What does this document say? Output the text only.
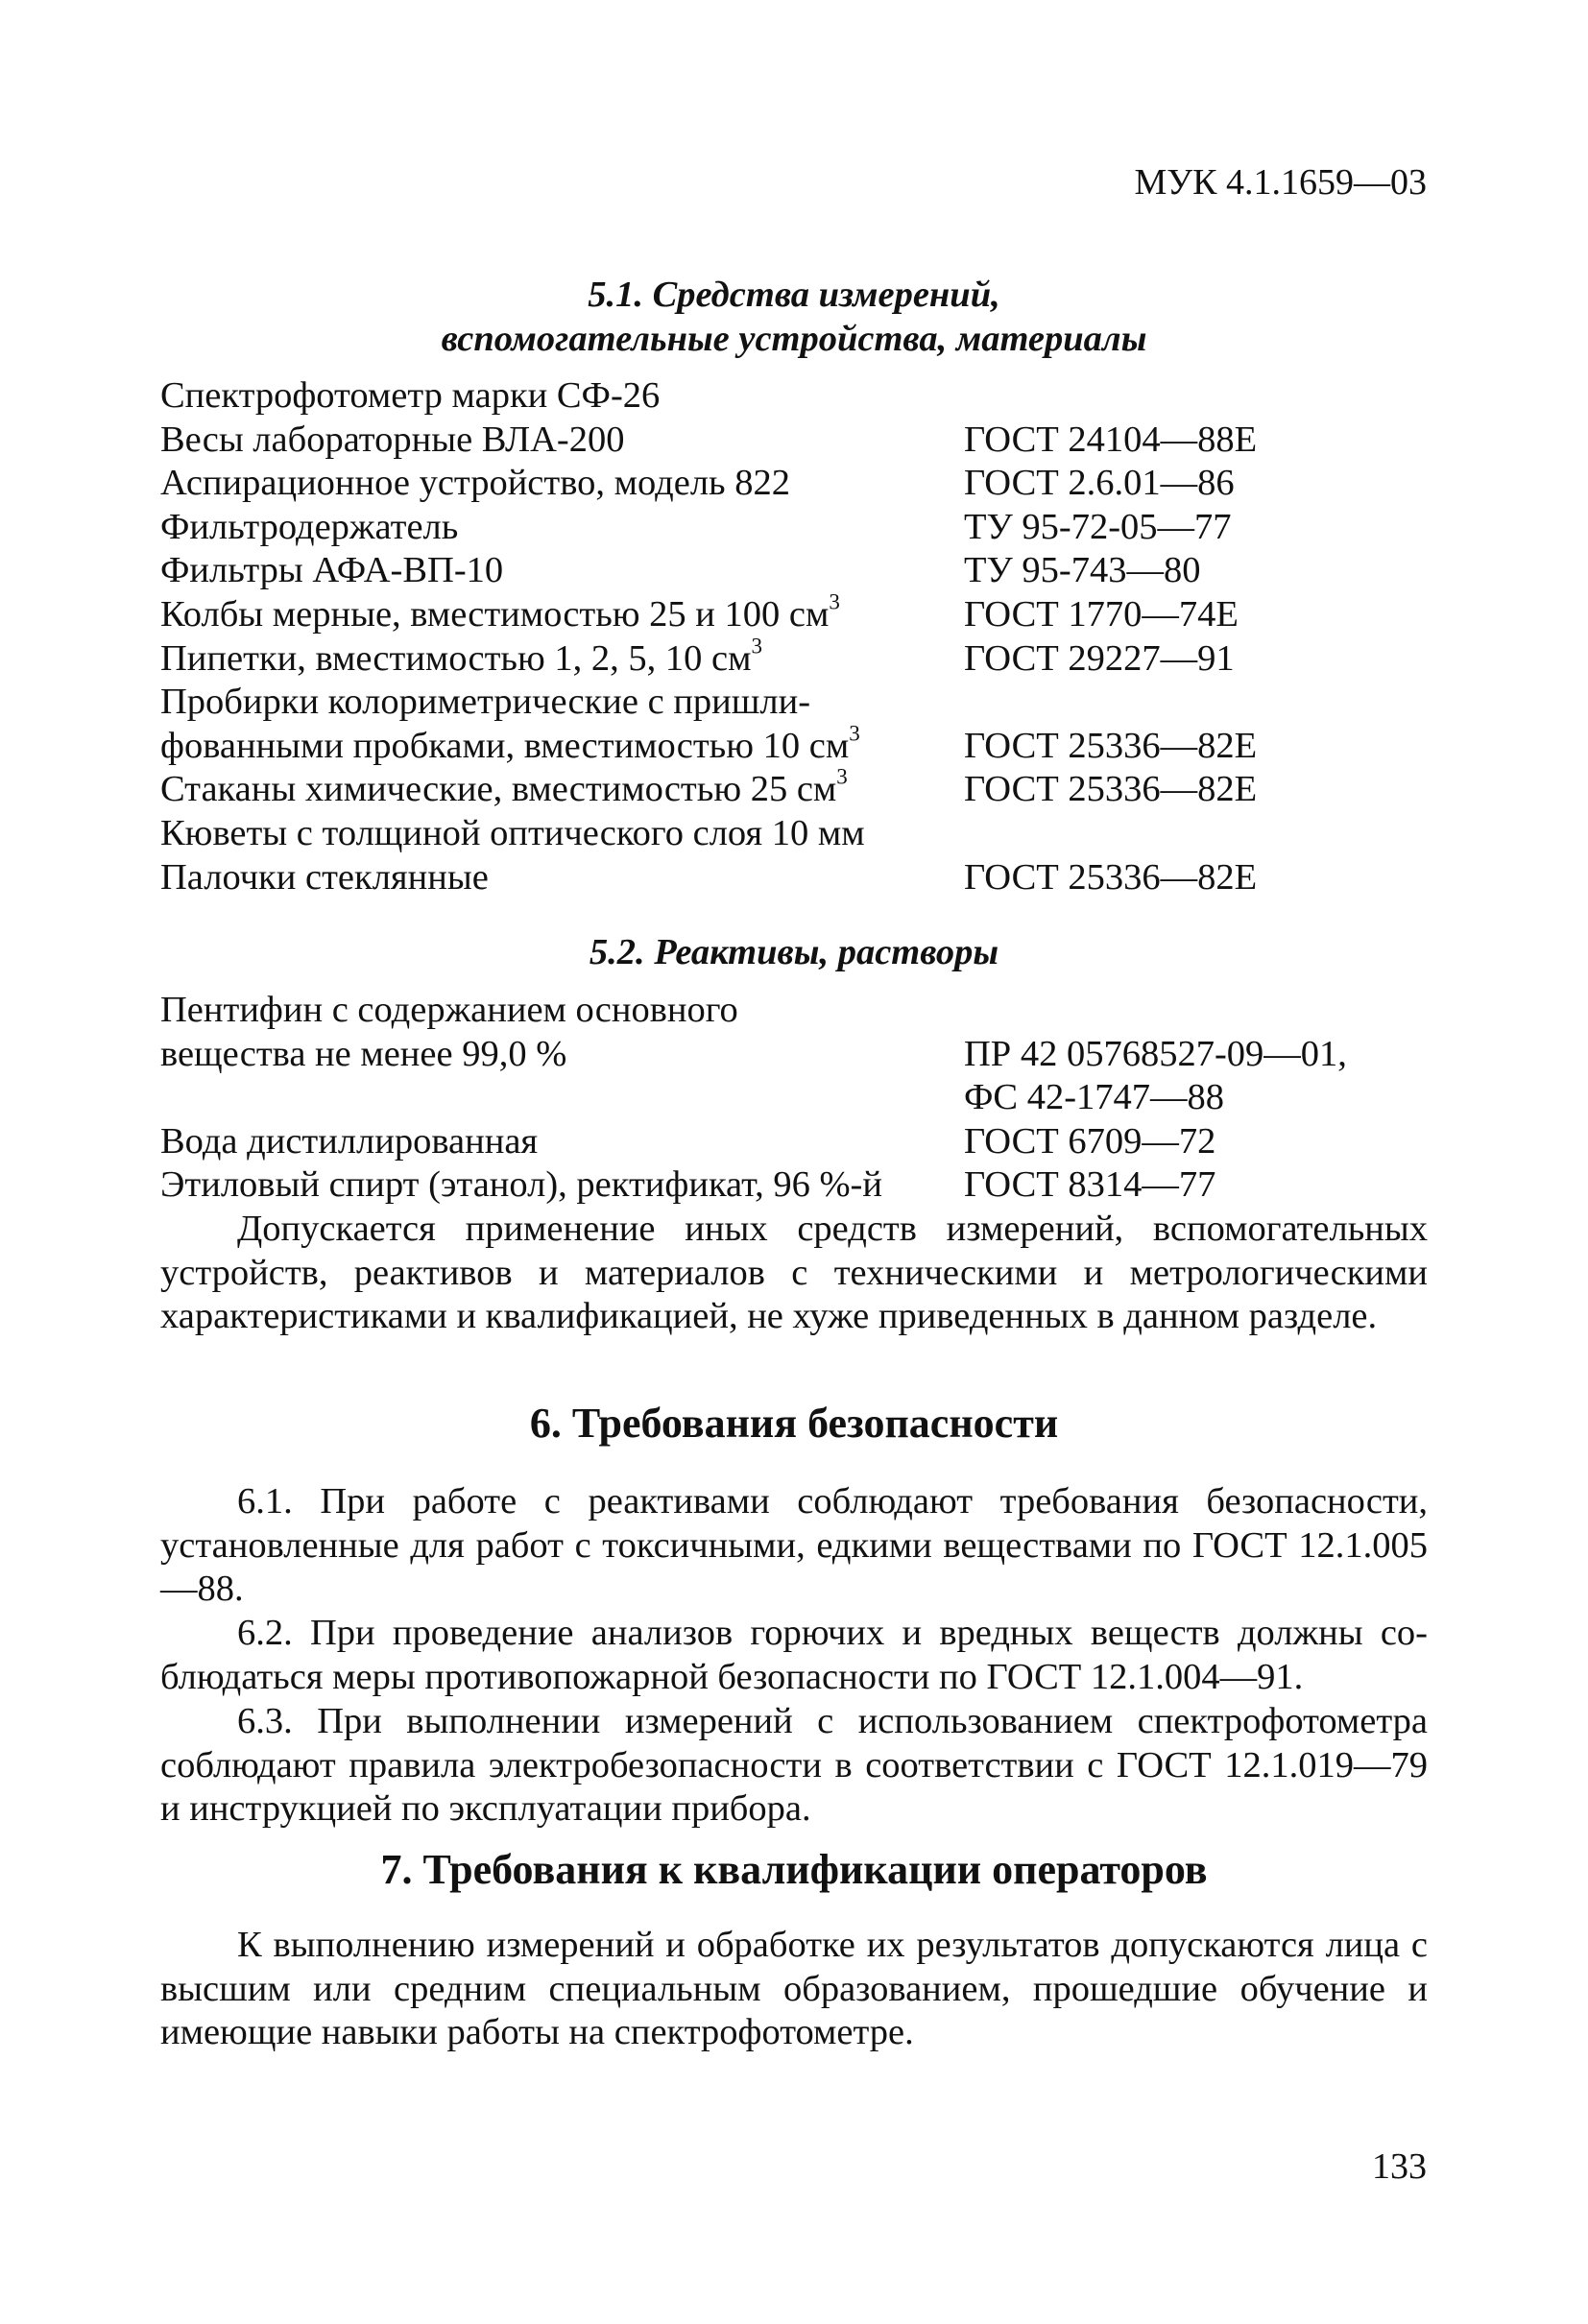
МУК 4.1.1659—03
5.1. Средства измерений,
вспомогательные устройства, материалы
Спектрофотометр марки СФ-26
Весы лабораторные ВЛА-200	ГОСТ 24104—88Е
Аспирационное устройство, модель 822	ГОСТ 2.6.01—86
Фильтродержатель	ТУ 95-72-05—77
Фильтры АФА-ВП-10	ТУ 95-743—80
Колбы мерные, вместимостью 25 и 100 $см^3$	ГОСТ 1770—74Е
Пипетки, вместимостью 1, 2, 5, 10 $см^3$	ГОСТ 29227—91
Пробирки колориметрические с пришли-
фованными пробками, вместимостью 10 $см^3$	ГОСТ 25336—82Е
Стаканы химические, вместимостью 25 $см^3$	ГОСТ 25336—82Е
Кюветы с толщиной оптического слоя 10 мм
Палочки стеклянные	ГОСТ 25336—82Е
5.2. Реактивы, растворы
Пентифин с содержанием основного
вещества не менее 99,0 %	ПР 42 05768527-09—01,
ФС 42-1747—88
Вода дистиллированная	ГОСТ 6709—72
Этиловый спирт (этанол), ректификат, 96 %-й ГОСТ 8314—77
Допускается применение иных средств измерений, вспомогательных устройств, реактивов и материалов с техническими и метрологическими характеристиками и квалификацией, не хуже приведенных в данном разделе.
6. Требования безопасности
6.1. При работе с реактивами соблюдают требования безопасности, установленные для работ с токсичными, едкими веществами по ГОСТ 12.1.005—88.
6.2. При проведение анализов горючих и вредных веществ должны соблюдаться меры противопожарной безопасности по ГОСТ 12.1.004—91.
6.3. При выполнении измерений с использованием спектрофотометра соблюдают правила электробезопасности в соответствии с ГОСТ 12.1.019—79 и инструкцией по эксплуатации прибора.
7. Требования к квалификации операторов
К выполнению измерений и обработке их результатов допускаются лица с высшим или средним специальным образованием, прошедшие обучение и имеющие навыки работы на спектрофотометре.
133
